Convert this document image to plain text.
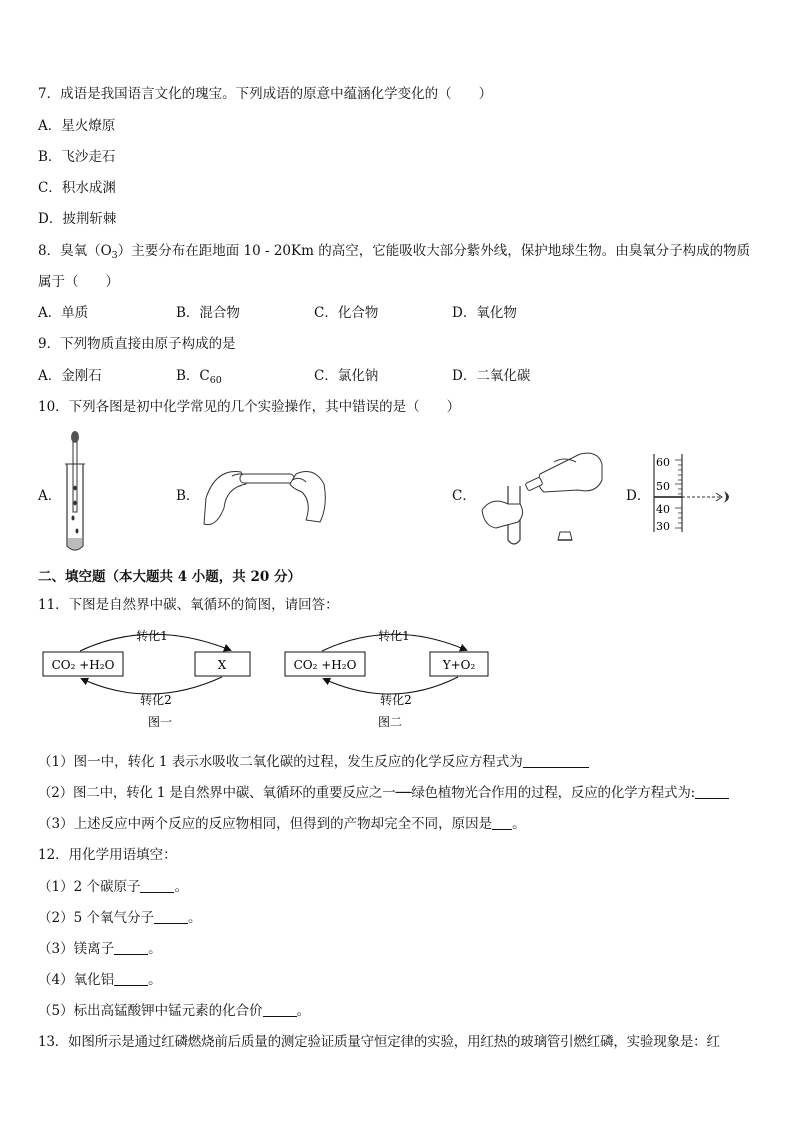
7．成语是我国语言文化的瑰宝。下列成语的原意中蕴涵化学变化的（　　）
A．星火燎原
B．飞沙走石
C．积水成渊
D．披荆斩棘
8．臭氧$(O_3)$主要分布在距地面 10 - 20Km 的高空，它能吸收大部分紫外线，保护地球生物。由臭氧分子构成的物质
属于（　　）
A．单质	B．混合物	C．化合物	D．氧化物
9．下列物质直接由原子构成的是
A．金刚石	B．$C_{60}$	C．氯化钠	D．二氧化碳
10．下列各图是初中化学常见的几个实验操作，其中错误的是（　　）
A．	B．	C．	D．
60
50
40
30
二、填空题（本大题共 4 小题，共 20 分）
11．下图是自然界中碳、氧循环的简图，请回答：
CO₂ +H₂O	X
转化1
转化2
图一
CO₂ +H₂O	Y+O₂
转化1
转化2
图二
（1）图一中，转化 1 表示水吸收二氧化碳的过程，发生反应的化学反应方程式为
（2）图二中，转化 1 是自然界中碳、氧循环的重要反应之一──绿色植物光合作用的过程，反应的化学方程式为:
（3）上述反应中两个反应的反应物相同，但得到的产物却完全不同，原因是 。
12．用化学用语填空：
（1）2 个碳原子	。
（2）5 个氧气分子	。
（3）镁离子	。
（4）氧化铝	。
（5）标出高锰酸钾中锰元素的化合价	。
13．如图所示是通过红磷燃烧前后质量的测定验证质量守恒定律的实验，用红热的玻璃管引燃红磷，实验现象是：红
